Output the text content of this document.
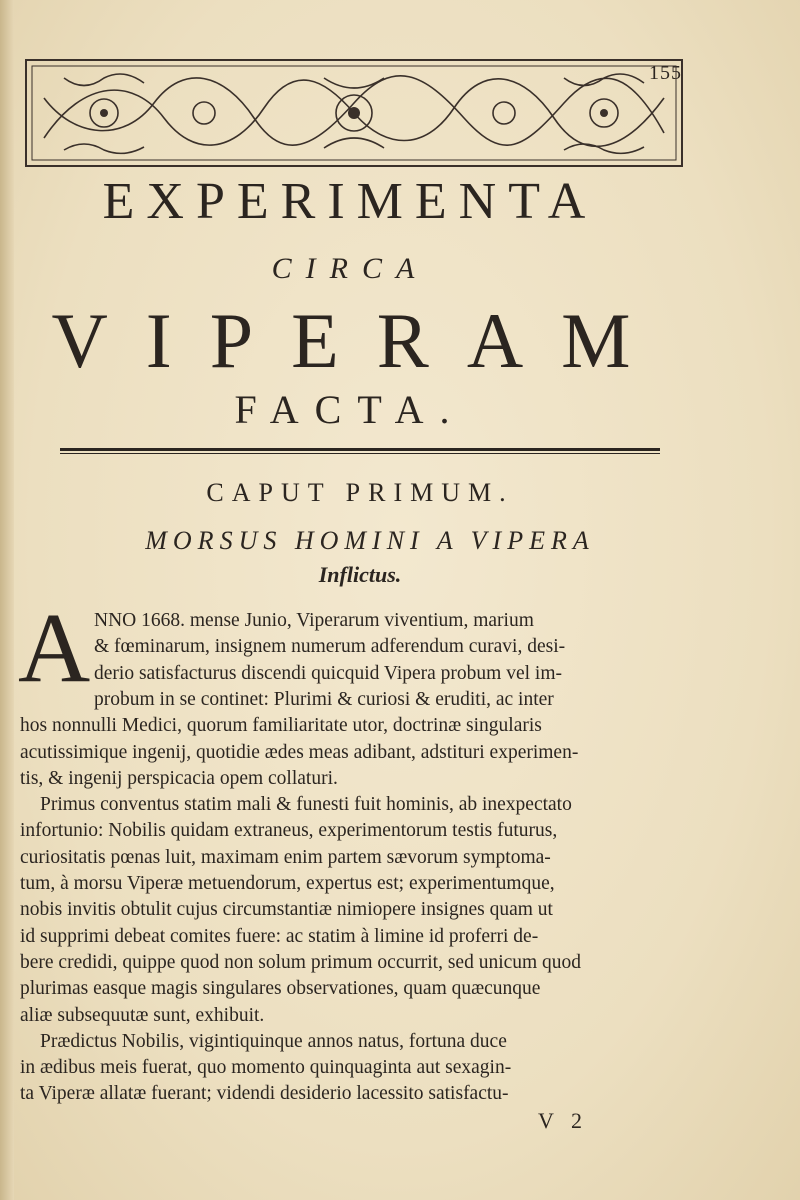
155
EXPERIMENTA
CIRCA
VIPERAM
FACTA.
CAPUT PRIMUM.
MORSUS HOMINI A VIPERA
Inflictus.
A NNO 1668. mense Junio, Viperarum viventium, marium
& fœminarum, insignem numerum adferendum curavi, desi-
derio satisfacturus discendi quicquid Vipera probum vel im-
probum in se continet: Plurimi & curiosi & eruditi, ac inter
hos nonnulli Medici, quorum familiaritate utor, doctrinæ singularis
acutissimique ingenij, quotidie ædes meas adibant, adstituri experimen-
tis, & ingenij perspicacia opem collaturi.
Primus conventus statim mali & funesti fuit hominis, ab inexpectato
infortunio: Nobilis quidam extraneus, experimentorum testis futurus,
curiositatis pœnas luit, maximam enim partem sævorum symptoma-
tum, à morsu Viperæ metuendorum, expertus est; experimentumque,
nobis invitis obtulit cujus circumstantiæ nimiopere insignes quam ut
id supprimi debeat comites fuere: ac statim à limine id proferri de-
bere credidi, quippe quod non solum primum occurrit, sed unicum quod
plurimas easque magis singulares observationes, quam quæcunque
aliæ subsequutæ sunt, exhibuit.
Prædictus Nobilis, vigintiquinque annos natus, fortuna duce
in ædibus meis fuerat, quo momento quinquaginta aut sexagin-
ta Viperæ allatæ fuerant; videndi desiderio lacessito satisfactu-
V 2
